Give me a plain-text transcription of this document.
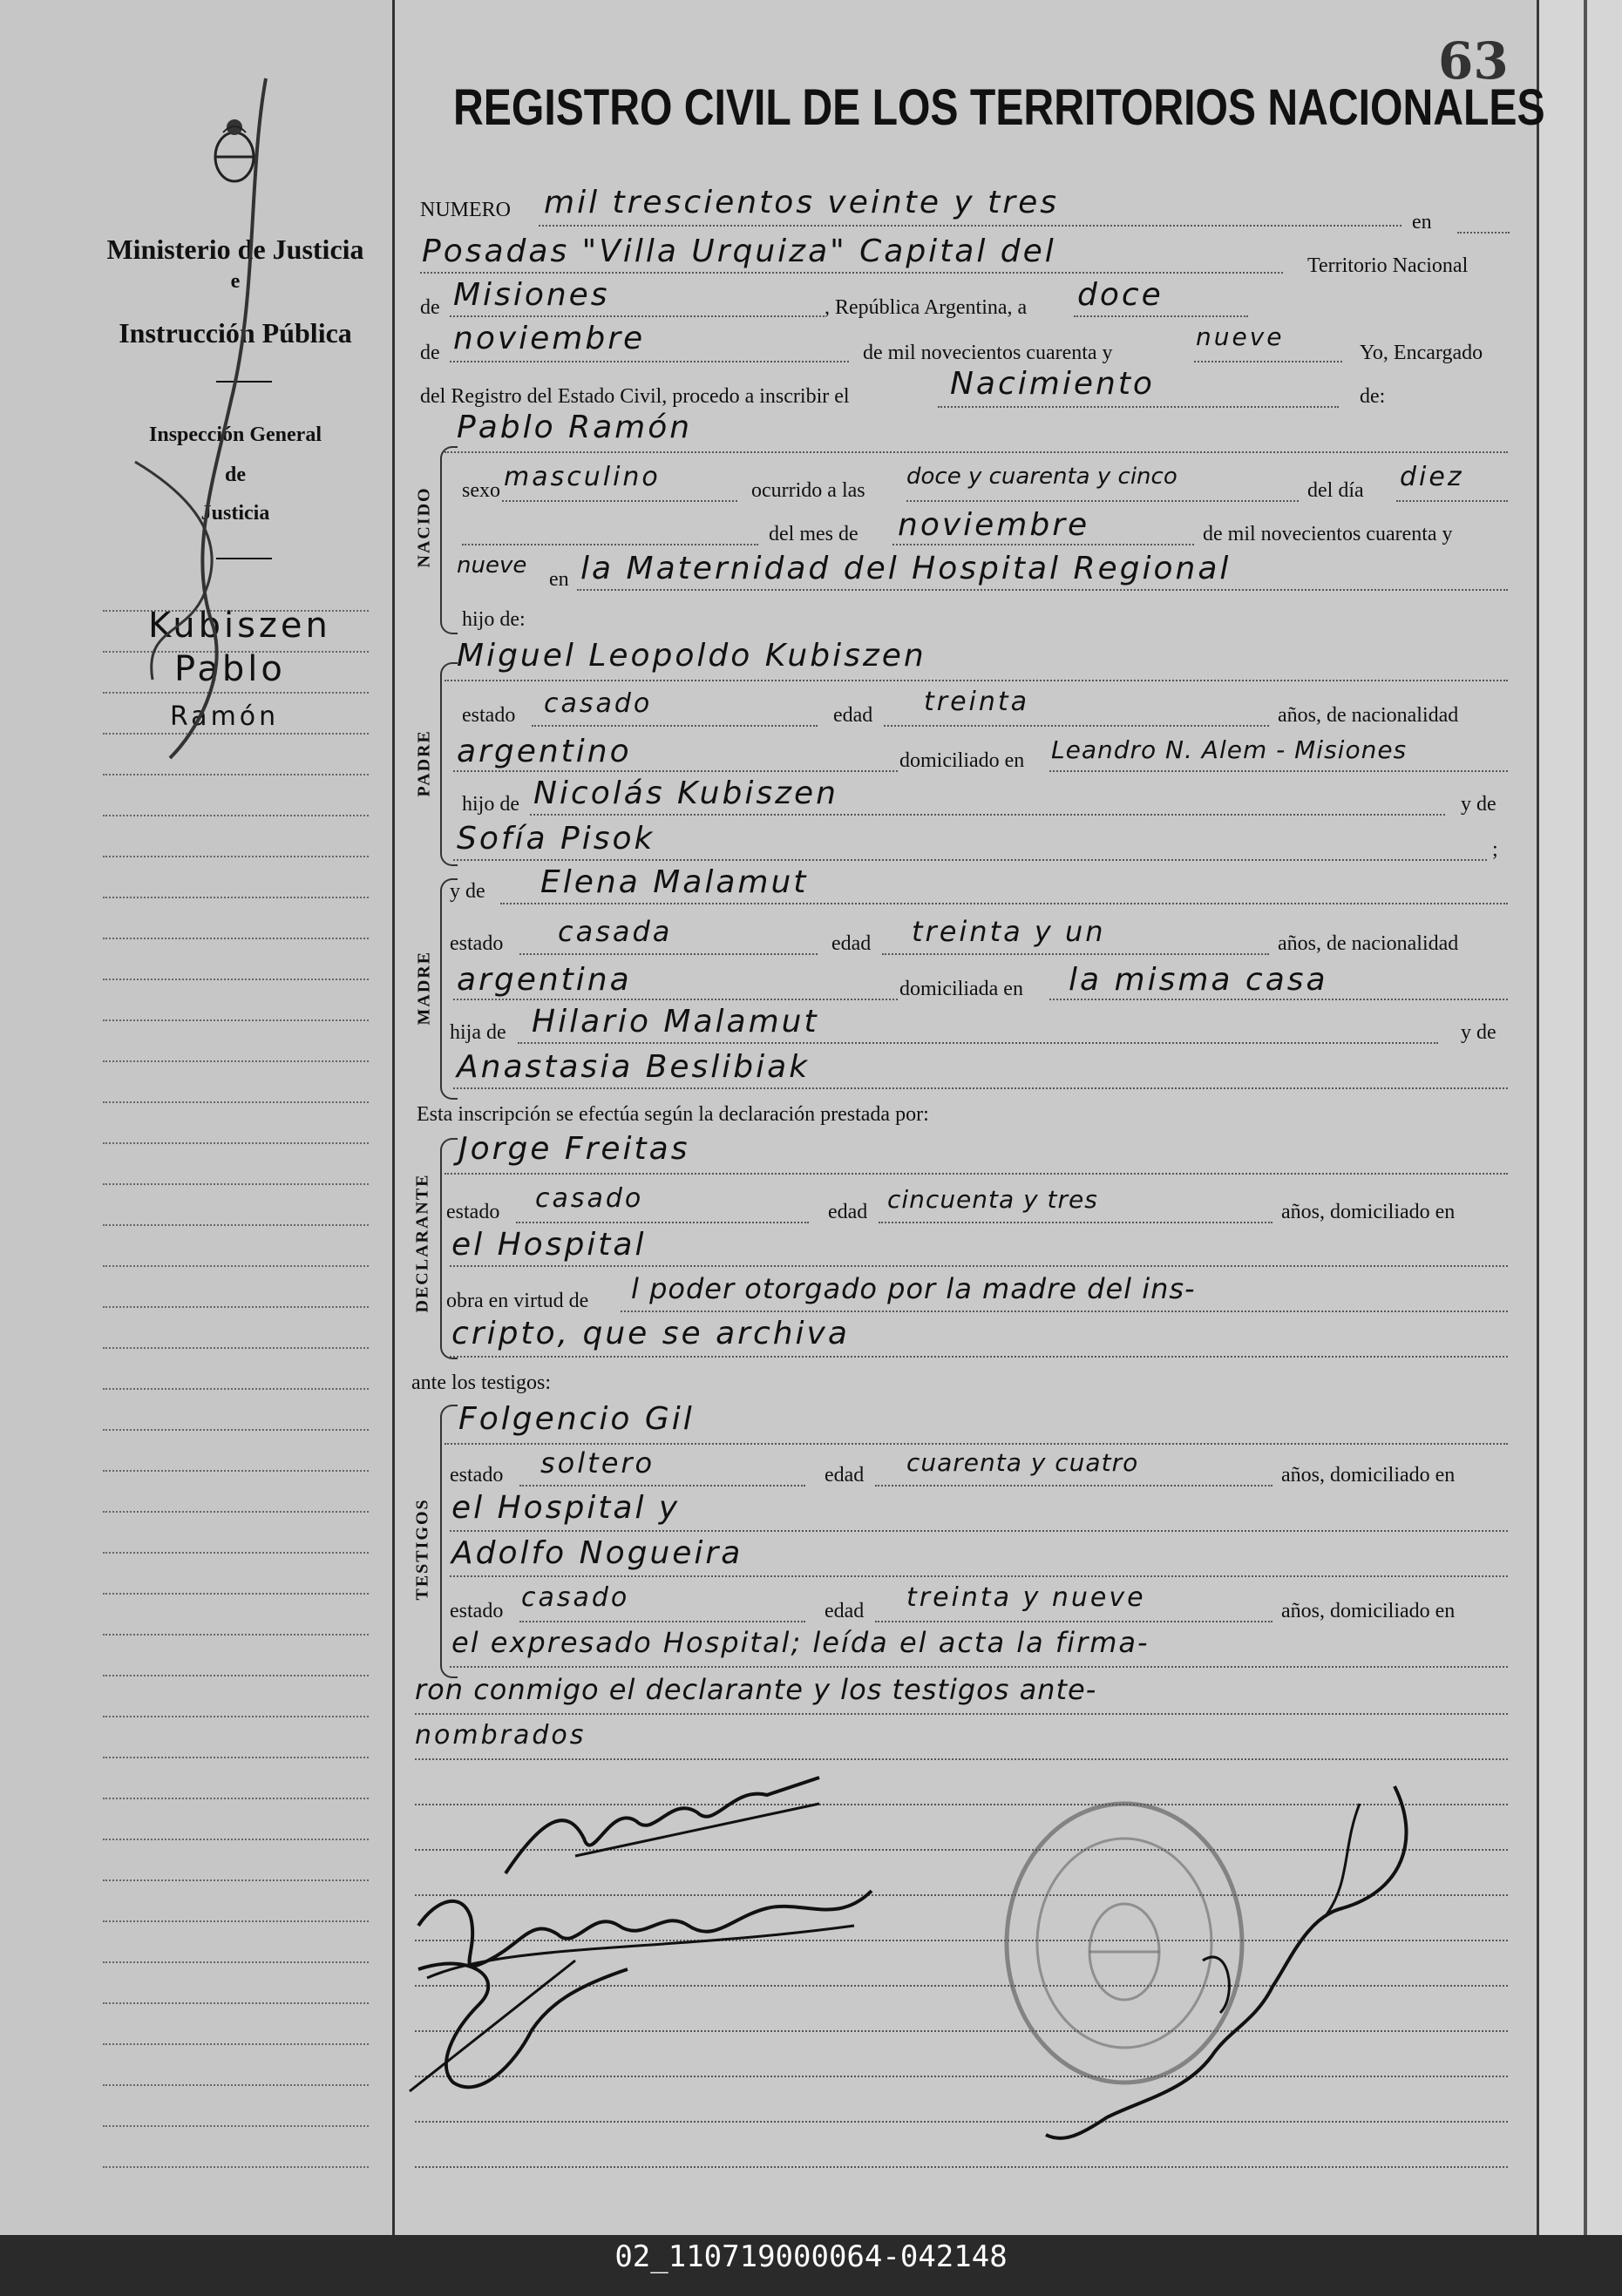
Ministerio de Justicia
e
Instrucción Pública
Inspección General
de
Justicia
Kubiszen
Pablo
Ramón
63
REGISTRO CIVIL DE LOS TERRITORIOS NACIONALES
NACIDO
PADRE
MADRE
DECLARANTE
TESTIGOS
NUMERO mil trescientos veinte y tres
en
Posadas "Villa Urquiza" Capital del	Territorio Nacional
de Misiones	, República Argentina, a doce
de noviembre	de mil novecientos cuarenta y
nueve
Yo, Encargado
del Registro del Estado Civil, procedo a inscribir el	Nacimiento	de:
Pablo Ramón
sexo masculino	ocurrido a las
doce y cuarenta y cinco
del día diez
del mes de noviembre	de mil novecientos cuarenta y
nueve
en la Maternidad del Hospital Regional
hijo de:
Miguel Leopoldo Kubiszen
estado casado	edad treinta	años, de nacionalidad
argentino	domiciliado en Leandro N. Alem - Misiones
hijo de Nicolás Kubiszen	y de
Sofía Pisok	;
y de Elena Malamut
estado casada	edad treinta y un	años, de nacionalidad
argentina	domiciliada en la misma casa
hija de Hilario Malamut	y de
Anastasia Beslibiak
Esta inscripción se efectúa según la declaración prestada por:
Jorge Freitas
estado casado	edad cincuenta y tres	años, domiciliado en
el Hospital
obra en virtud de l poder otorgado por la madre del ins-
cripto, que se archiva
ante los testigos:
Folgencio Gil
estado soltero	edad cuarenta y cuatro	años, domiciliado en
el Hospital y
Adolfo Nogueira
estado casado	edad treinta y nueve	años, domiciliado en
el expresado Hospital; leída el acta la firma-
ron conmigo el declarante y los testigos ante-
nombrados
02_110719000064-042148
